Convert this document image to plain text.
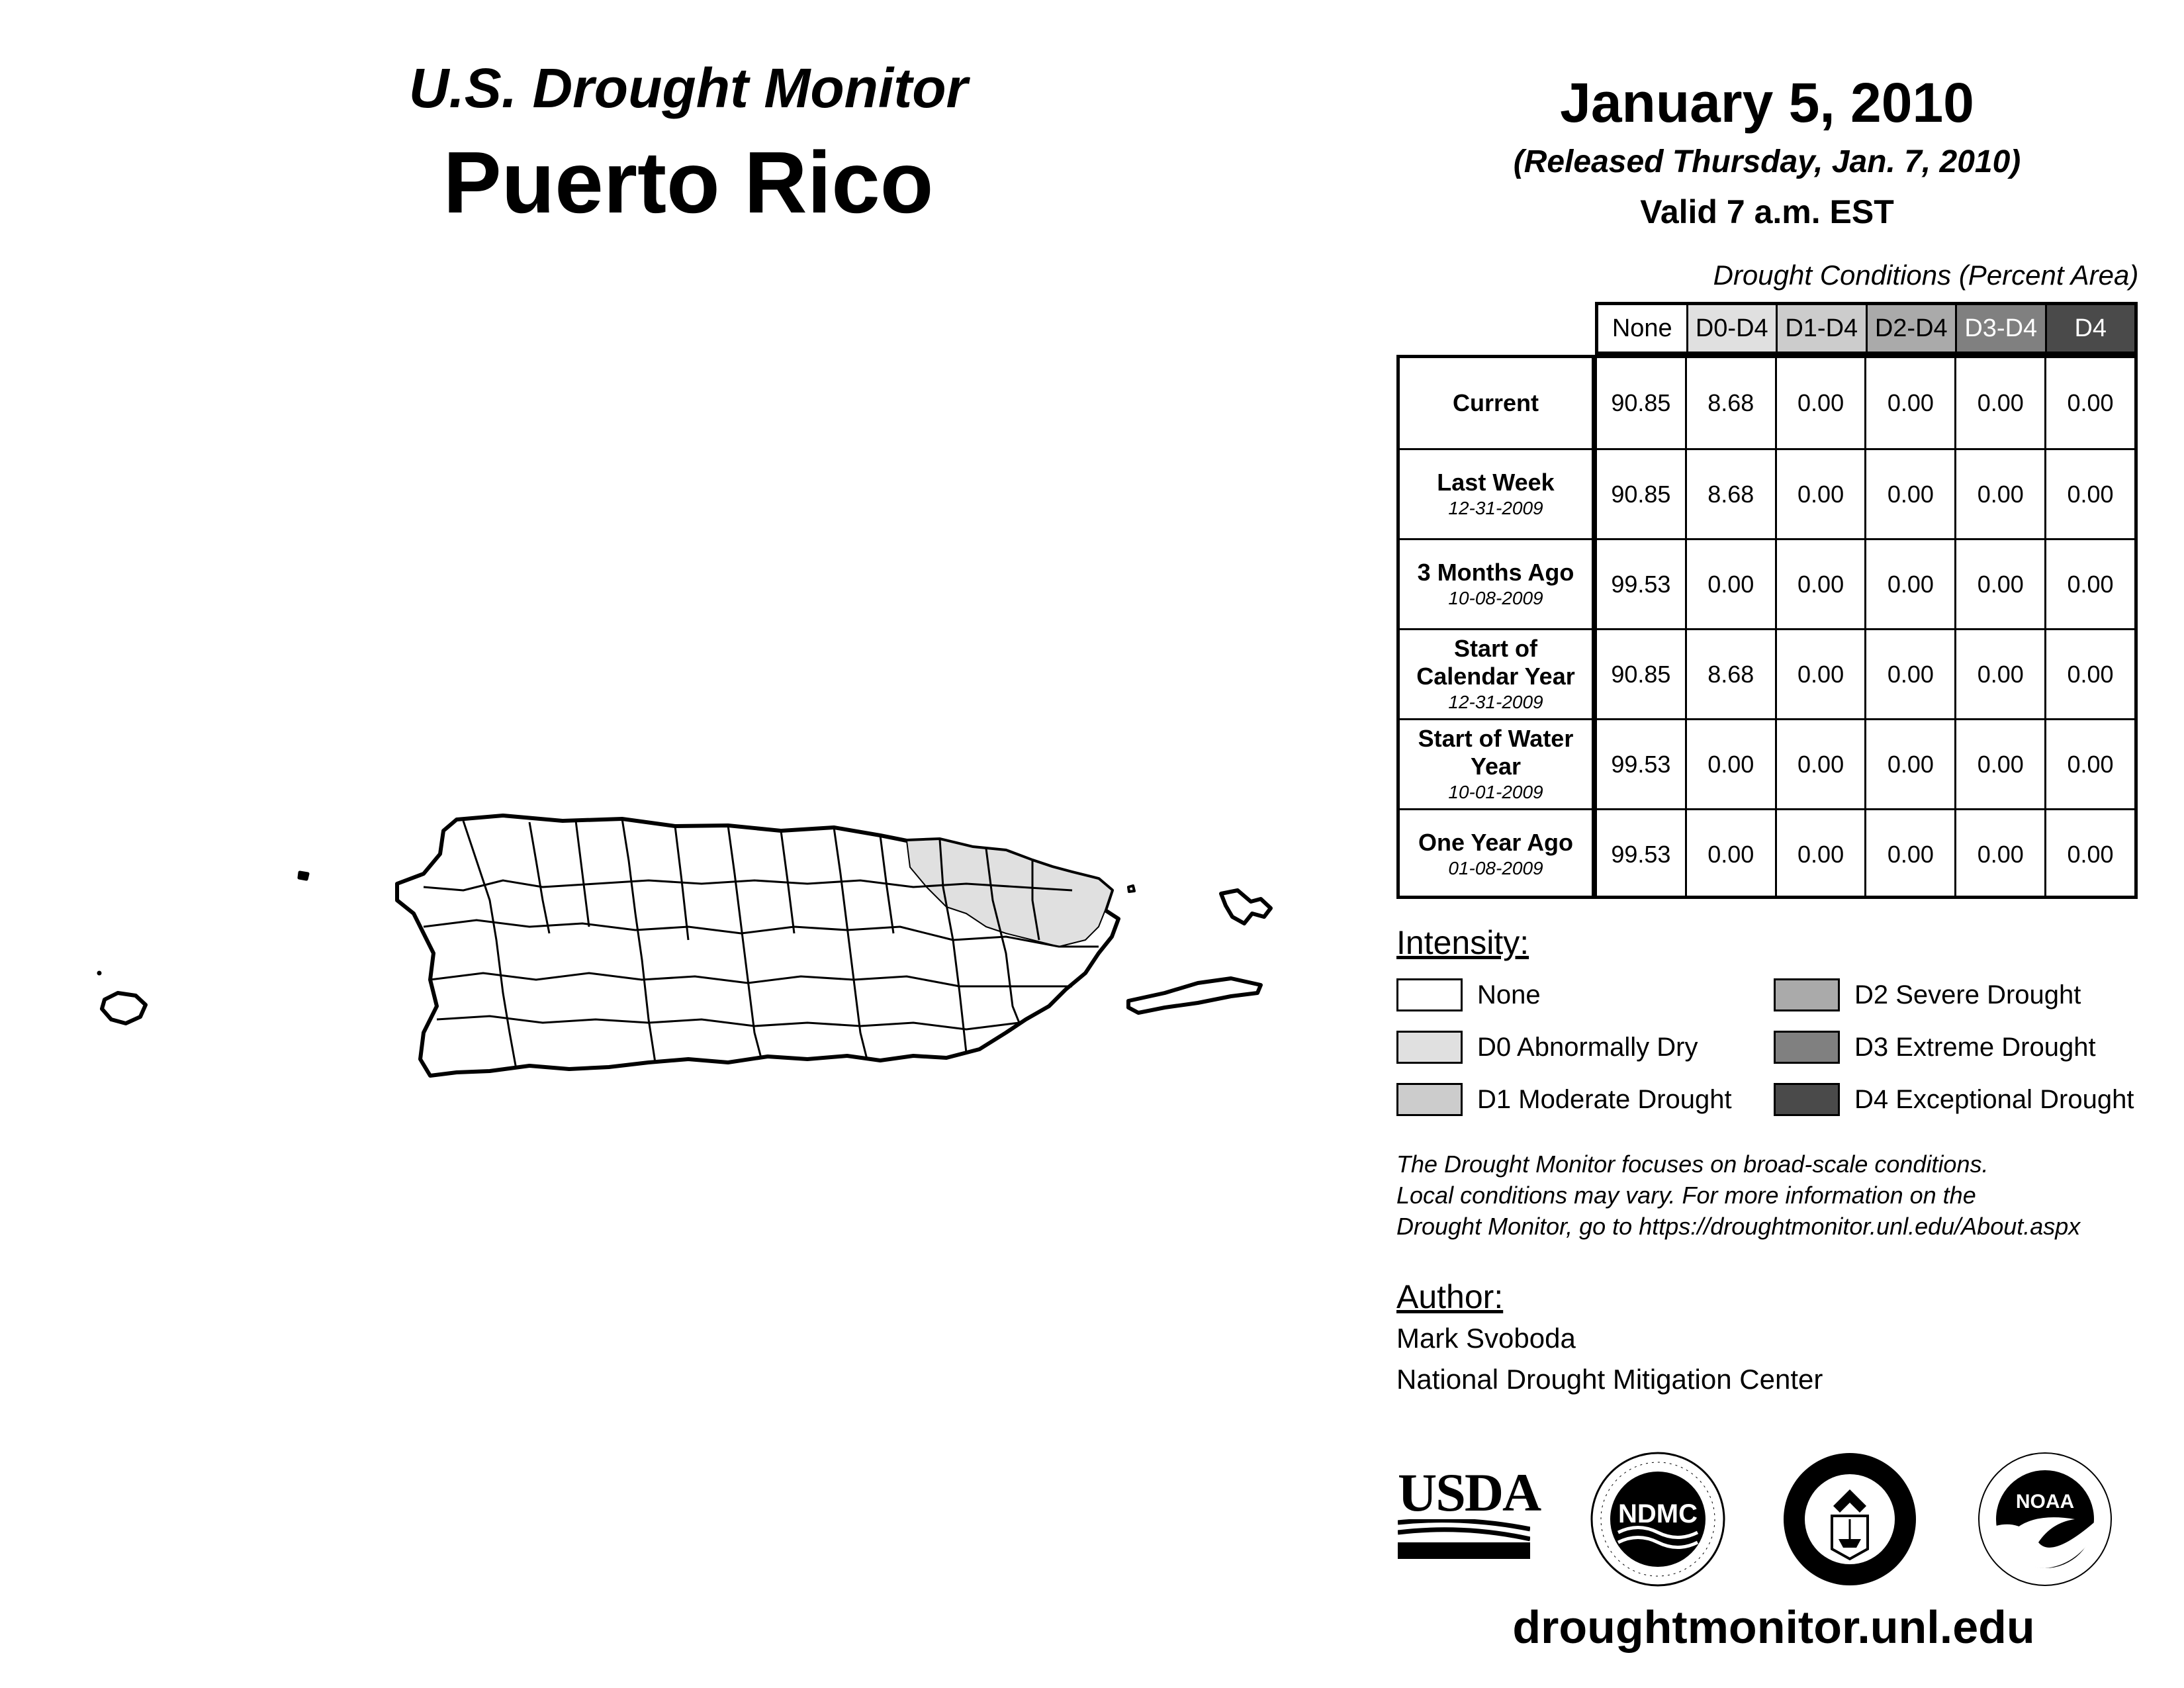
U.S. Drought Monitor
Puerto Rico
January 5, 2010
(Released Thursday, Jan. 7, 2010)
Valid 7 a.m. EST
Drought Conditions (Percent Area)
None D0-D4 D1-D4 D2-D4 D3-D4	D4
Current	90.85	8.68	0.00	0.00	0.00	0.00
Last Week
12-31-2009
90.85	8.68	0.00	0.00	0.00	0.00
3 Months Ago
10-08-2009
99.53	0.00	0.00	0.00	0.00	0.00
Start of Calendar Year
12-31-2009
90.85	8.68	0.00	0.00	0.00	0.00
Start of Water Year
10-01-2009
99.53	0.00	0.00	0.00	0.00	0.00
One Year Ago
01-08-2009
99.53	0.00	0.00	0.00	0.00	0.00
Intensity:
None
D0 Abnormally Dry
D1 Moderate Drought
D2 Severe Drought
D3 Extreme Drought
D4 Exceptional Drought
The Drought Monitor focuses on broad-scale conditions.
Local conditions may vary. For more information on the
Drought Monitor, go to https://droughtmonitor.unl.edu/About.aspx
Author:
Mark Svoboda
National Drought Mitigation Center
USDA	NDMC	NOAA
droughtmonitor.unl.edu
